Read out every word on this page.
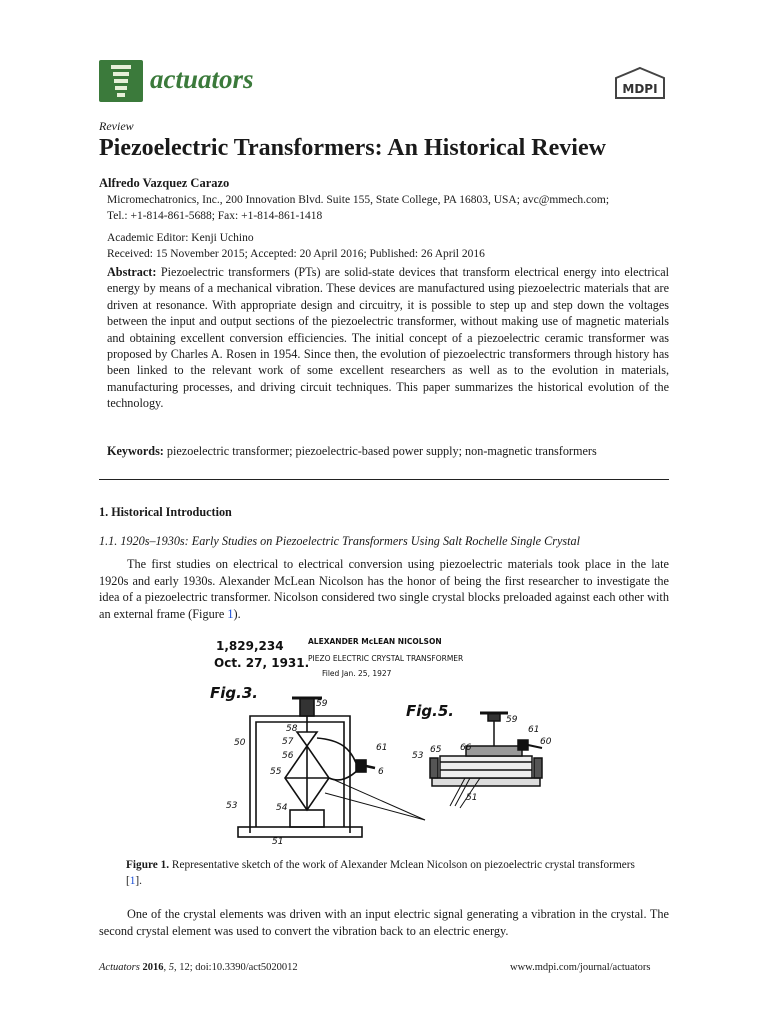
actuators	MDPI
Review
Piezoelectric Transformers: An Historical Review
Alfredo Vazquez Carazo
Micromechatronics, Inc., 200 Innovation Blvd. Suite 155, State College, PA 16803, USA; avc@mmech.com;
Tel.: +1-814-861-5688; Fax: +1-814-861-1418
Academic Editor: Kenji Uchino
Received: 15 November 2015; Accepted: 20 April 2016; Published: 26 April 2016

Abstract: Piezoelectric transformers (PTs) are solid-state devices that transform electrical energy into electrical energy by means of a mechanical vibration. These devices are manufactured using piezoelectric materials that are driven at resonance. With appropriate design and circuitry, it is possible to step up and step down the voltages between the input and output sections of the piezoelectric transformer, without making use of magnetic materials and obtaining excellent conversion efficiencies. The initial concept of a piezoelectric ceramic transformer was proposed by Charles A. Rosen in 1954. Since then, the evolution of piezoelectric transformers through history has been linked to the relevant work of some excellent researchers as well as to the evolution in materials, manufacturing processes, and driving circuit techniques. This paper summarizes the historical evolution of the technology.

Keywords: piezoelectric transformer; piezoelectric-based power supply; non-magnetic transformers

1. Historical Introduction
1.1. 1920s–1930s: Early Studies on Piezoelectric Transformers Using Salt Rochelle Single Crystal

The first studies on electrical to electrical conversion using piezoelectric materials took place in the late 1920s and early 1930s. Alexander McLean Nicolson has the honor of being the first researcher to investigate the idea of a piezoelectric transformer. Nicolson considered two single crystal blocks preloaded against each other with an external frame (Figure 1).

1,829,234
Oct. 27, 1931.
ALEXANDER McLEAN NICOLSON
PIEZO ELECTRIC CRYSTAL TRANSFORMER
Filed Jan. 25, 1927
Fig.3.
59
58
57
50
56
55
61
6
54
53
51
Fig.5.	59
61
60
53
65 66
51

Figure 1. Representative sketch of the work of Alexander Mclean Nicolson on piezoelectric crystal transformers [1].

One of the crystal elements was driven with an input electric signal generating a vibration in the crystal. The second crystal element was used to convert the vibration back to an electric energy.

Actuators 2016, 5, 12; doi:10.3390/act5020012	www.mdpi.com/journal/actuators
